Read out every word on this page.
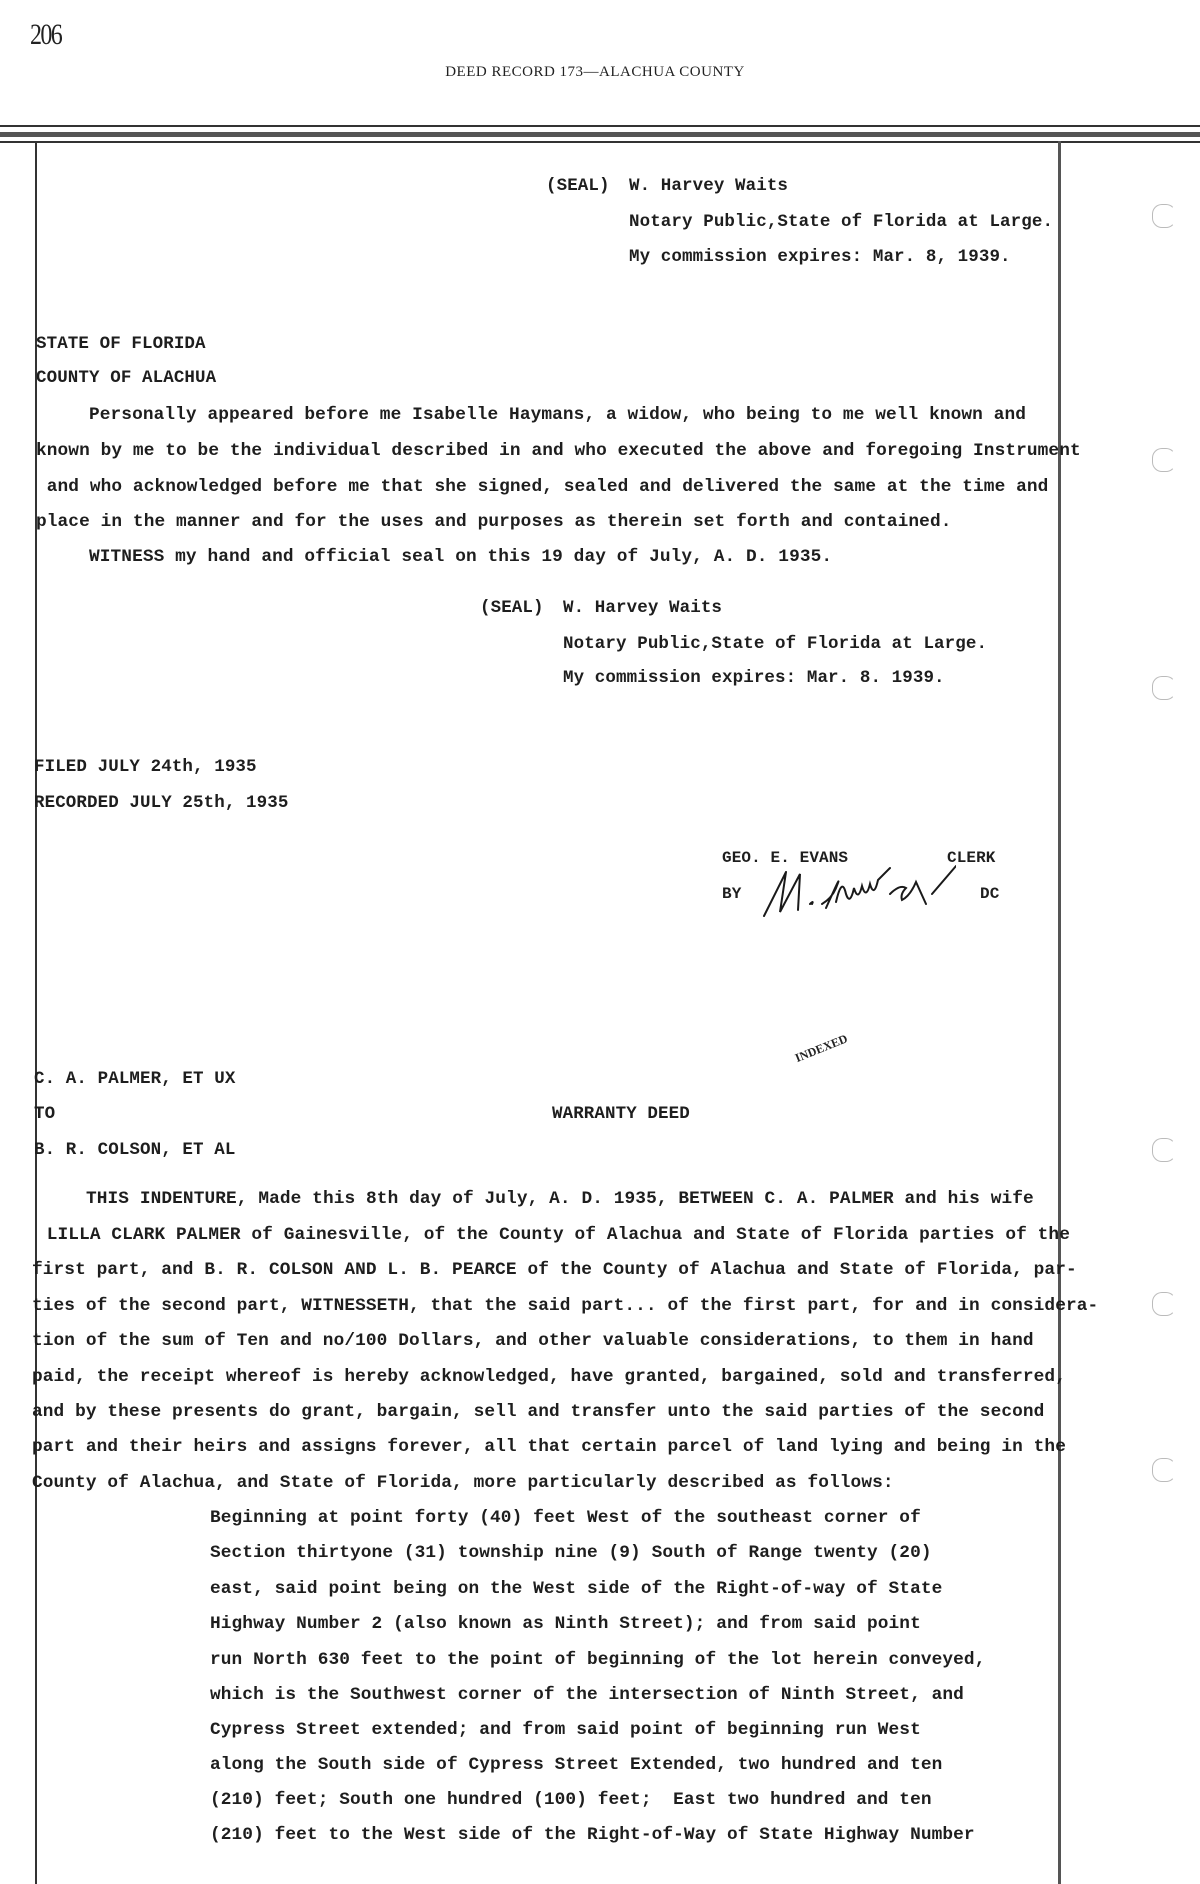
206
DEED RECORD 173—ALACHUA COUNTY
(SEAL) W. Harvey Waits
Notary Public,State of Florida at Large.
My commission expires: Mar. 8, 1939.
STATE OF FLORIDA
COUNTY OF ALACHUA
Personally appeared before me Isabelle Haymans, a widow, who being to me well known and
known by me to be the individual described in and who executed the above and foregoing Instrument
and who acknowledged before me that she signed, sealed and delivered the same at the time and
place in the manner and for the uses and purposes as therein set forth and contained.
WITNESS my hand and official seal on this 19 day of July, A. D. 1935.
(SEAL) W. Harvey Waits
Notary Public,State of Florida at Large.
My commission expires: Mar. 8. 1939.
FILED JULY 24th, 1935
RECORDED JULY 25th, 1935
GEO. E. EVANS	CLERK
BY	DC
INDEXED
C. A. PALMER, ET UX
TO	WARRANTY DEED
B. R. COLSON, ET AL
THIS INDENTURE, Made this 8th day of July, A. D. 1935, BETWEEN C. A. PALMER and his wife
LILLA CLARK PALMER of Gainesville, of the County of Alachua and State of Florida parties of the
first part, and B. R. COLSON AND L. B. PEARCE of the County of Alachua and State of Florida, par-
ties of the second part, WITNESSETH, that the said part... of the first part, for and in considera-
tion of the sum of Ten and no/100 Dollars, and other valuable considerations, to them in hand
paid, the receipt whereof is hereby acknowledged, have granted, bargained, sold and transferred,
and by these presents do grant, bargain, sell and transfer unto the said parties of the second
part and their heirs and assigns forever, all that certain parcel of land lying and being in the
County of Alachua, and State of Florida, more particularly described as follows:
Beginning at point forty (40) feet West of the southeast corner of
Section thirtyone (31) township nine (9) South of Range twenty (20)
east, said point being on the West side of the Right-of-way of State
Highway Number 2 (also known as Ninth Street); and from said point
run North 630 feet to the point of beginning of the lot herein conveyed,
which is the Southwest corner of the intersection of Ninth Street, and
Cypress Street extended; and from said point of beginning run West
along the South side of Cypress Street Extended, two hundred and ten
(210) feet; South one hundred (100) feet;  East two hundred and ten
(210) feet to the West side of the Right-of-Way of State Highway Number
